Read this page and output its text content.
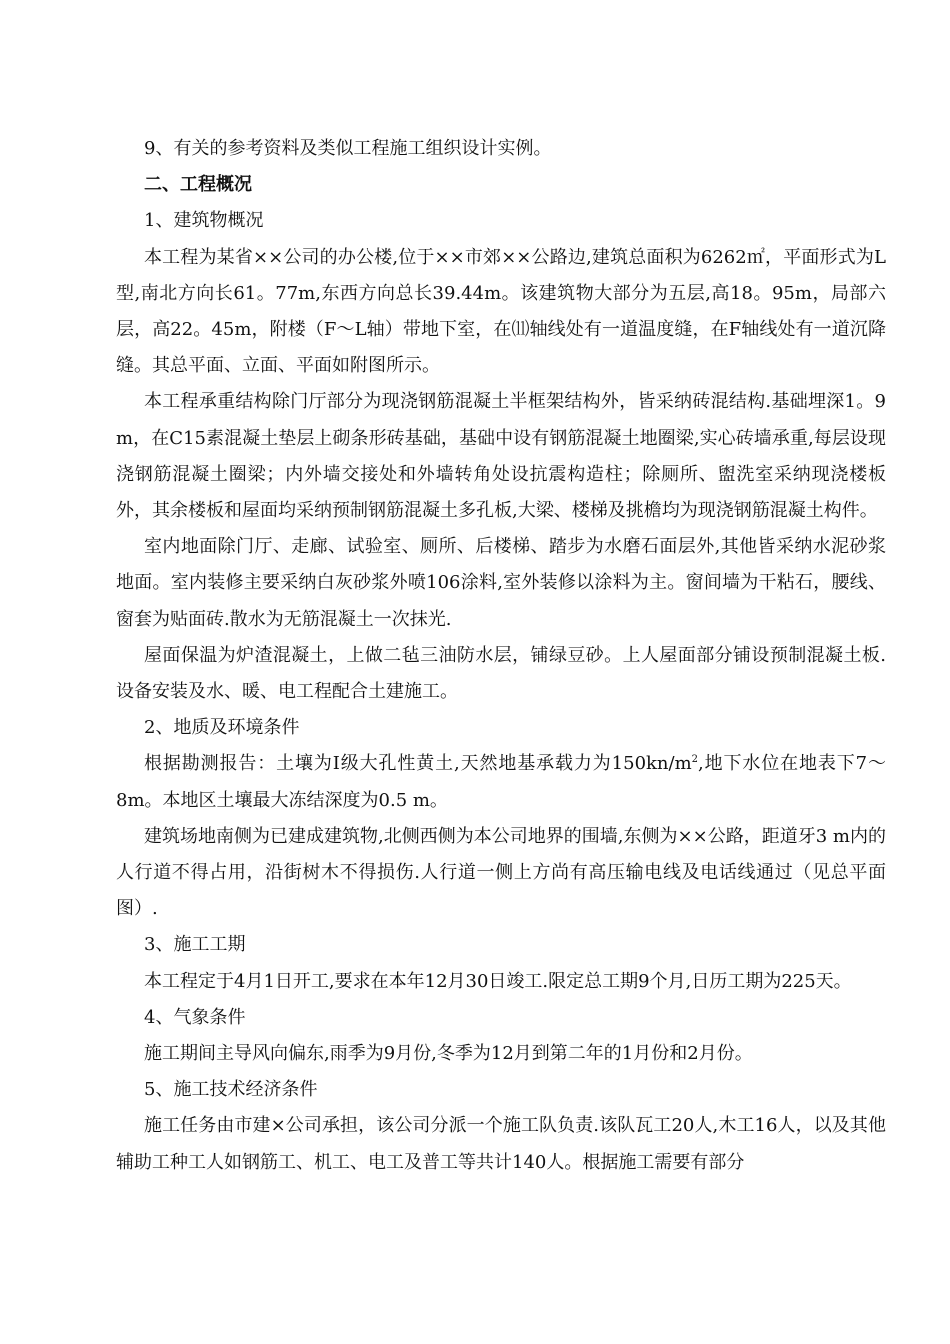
9、有关的参考资料及类似工程施工组织设计实例。

二、工程概况

1、建筑物概况

本工程为某省××公司的办公楼,位于××市郊××公路边,建筑总面积为6262㎡，平面形式为L型,南北方向长61。77m,东西方向总长39.44m。该建筑物大部分为五层,高18。95m，局部六层，高22。45m，附楼（F～L轴）带地下室，在⑾轴线处有一道温度缝，在F轴线处有一道沉降缝。其总平面、立面、平面如附图所示。

本工程承重结构除门厅部分为现浇钢筋混凝土半框架结构外，皆采纳砖混结构.基础埋深1。9 m，在C15素混凝土垫层上砌条形砖基础，基础中设有钢筋混凝土地圈梁,实心砖墙承重,每层设现浇钢筋混凝土圈梁；内外墙交接处和外墙转角处设抗震构造柱；除厕所、盥洗室采纳现浇楼板外，其余楼板和屋面均采纳预制钢筋混凝土多孔板,大梁、楼梯及挑檐均为现浇钢筋混凝土构件。

室内地面除门厅、走廊、试验室、厕所、后楼梯、踏步为水磨石面层外,其他皆采纳水泥砂浆地面。室内装修主要采纳白灰砂浆外喷106涂料,室外装修以涂料为主。窗间墙为干粘石，腰线、窗套为贴面砖.散水为无筋混凝土一次抹光.

屋面保温为炉渣混凝土，上做二毡三油防水层，铺绿豆砂。上人屋面部分铺设预制混凝土板.设备安装及水、暖、电工程配合土建施工。

2、地质及环境条件

根据勘测报告：土壤为Ⅰ级大孔性黄土,天然地基承载力为$150kn/m^2$,地下水位在地表下7～8m。本地区土壤最大冻结深度为0.5 m。

建筑场地南侧为已建成建筑物,北侧西侧为本公司地界的围墙,东侧为××公路，距道牙3 m内的人行道不得占用，沿街树木不得损伤.人行道一侧上方尚有高压输电线及电话线通过（见总平面图）.

3、施工工期

本工程定于4月1日开工,要求在本年12月30日竣工.限定总工期9个月,日历工期为225天。

4、气象条件

施工期间主导风向偏东,雨季为9月份,冬季为12月到第二年的1月份和2月份。

5、施工技术经济条件

施工任务由市建×公司承担，该公司分派一个施工队负责.该队瓦工20人,木工16人，以及其他辅助工种工人如钢筋工、机工、电工及普工等共计140人。根据施工需要有部分
